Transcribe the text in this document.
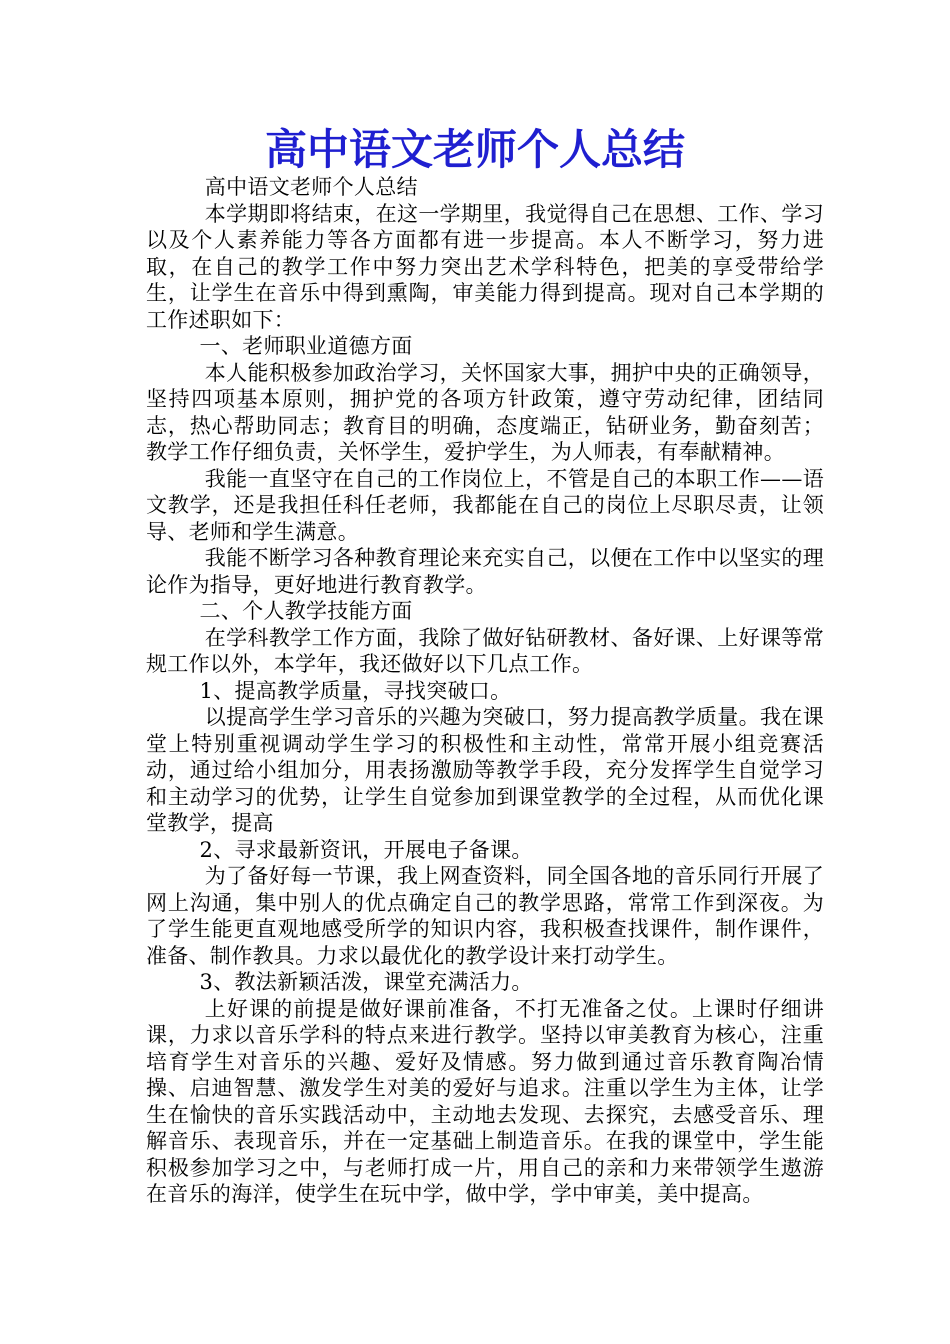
高中语文老师个人总结

高中语文老师个人总结

本学期即将结束，在这一学期里，我觉得自己在思想、工作、学习以及个人素养能力等各方面都有进一步提高。本人不断学习，努力进取，在自己的教学工作中努力突出艺术学科特色，把美的享受带给学生，让学生在音乐中得到熏陶，审美能力得到提高。现对自己本学期的工作述职如下：

一、老师职业道德方面

本人能积极参加政治学习，关怀国家大事，拥护中央的正确领导，坚持四项基本原则，拥护党的各项方针政策，遵守劳动纪律，团结同志，热心帮助同志；教育目的明确，态度端正，钻研业务，勤奋刻苦；教学工作仔细负责，关怀学生，爱护学生，为人师表，有奉献精神。

我能一直坚守在自己的工作岗位上，不管是自己的本职工作——语文教学，还是我担任科任老师，我都能在自己的岗位上尽职尽责，让领导、老师和学生满意。

我能不断学习各种教育理论来充实自己，以便在工作中以坚实的理论作为指导，更好地进行教育教学。

二、个人教学技能方面

在学科教学工作方面，我除了做好钻研教材、备好课、上好课等常规工作以外，本学年，我还做好以下几点工作。

1、提高教学质量，寻找突破口。

以提高学生学习音乐的兴趣为突破口，努力提高教学质量。我在课堂上特别重视调动学生学习的积极性和主动性，常常开展小组竞赛活动，通过给小组加分，用表扬激励等教学手段，充分发挥学生自觉学习和主动学习的优势，让学生自觉参加到课堂教学的全过程，从而优化课堂教学，提高

2、寻求最新资讯，开展电子备课。

为了备好每一节课，我上网查资料，同全国各地的音乐同行开展了网上沟通，集中别人的优点确定自己的教学思路，常常工作到深夜。为了学生能更直观地感受所学的知识内容，我积极查找课件，制作课件，准备、制作教具。力求以最优化的教学设计来打动学生。

3、教法新颖活泼，课堂充满活力。

上好课的前提是做好课前准备，不打无准备之仗。上课时仔细讲课，力求以音乐学科的特点来进行教学。坚持以审美教育为核心，注重培育学生对音乐的兴趣、爱好及情感。努力做到通过音乐教育陶冶情操、启迪智慧、激发学生对美的爱好与追求。注重以学生为主体，让学生在愉快的音乐实践活动中，主动地去发现、去探究，去感受音乐、理解音乐、表现音乐，并在一定基础上制造音乐。在我的课堂中，学生能积极参加学习之中，与老师打成一片，用自己的亲和力来带领学生遨游在音乐的海洋，使学生在玩中学，做中学，学中审美，美中提高。
